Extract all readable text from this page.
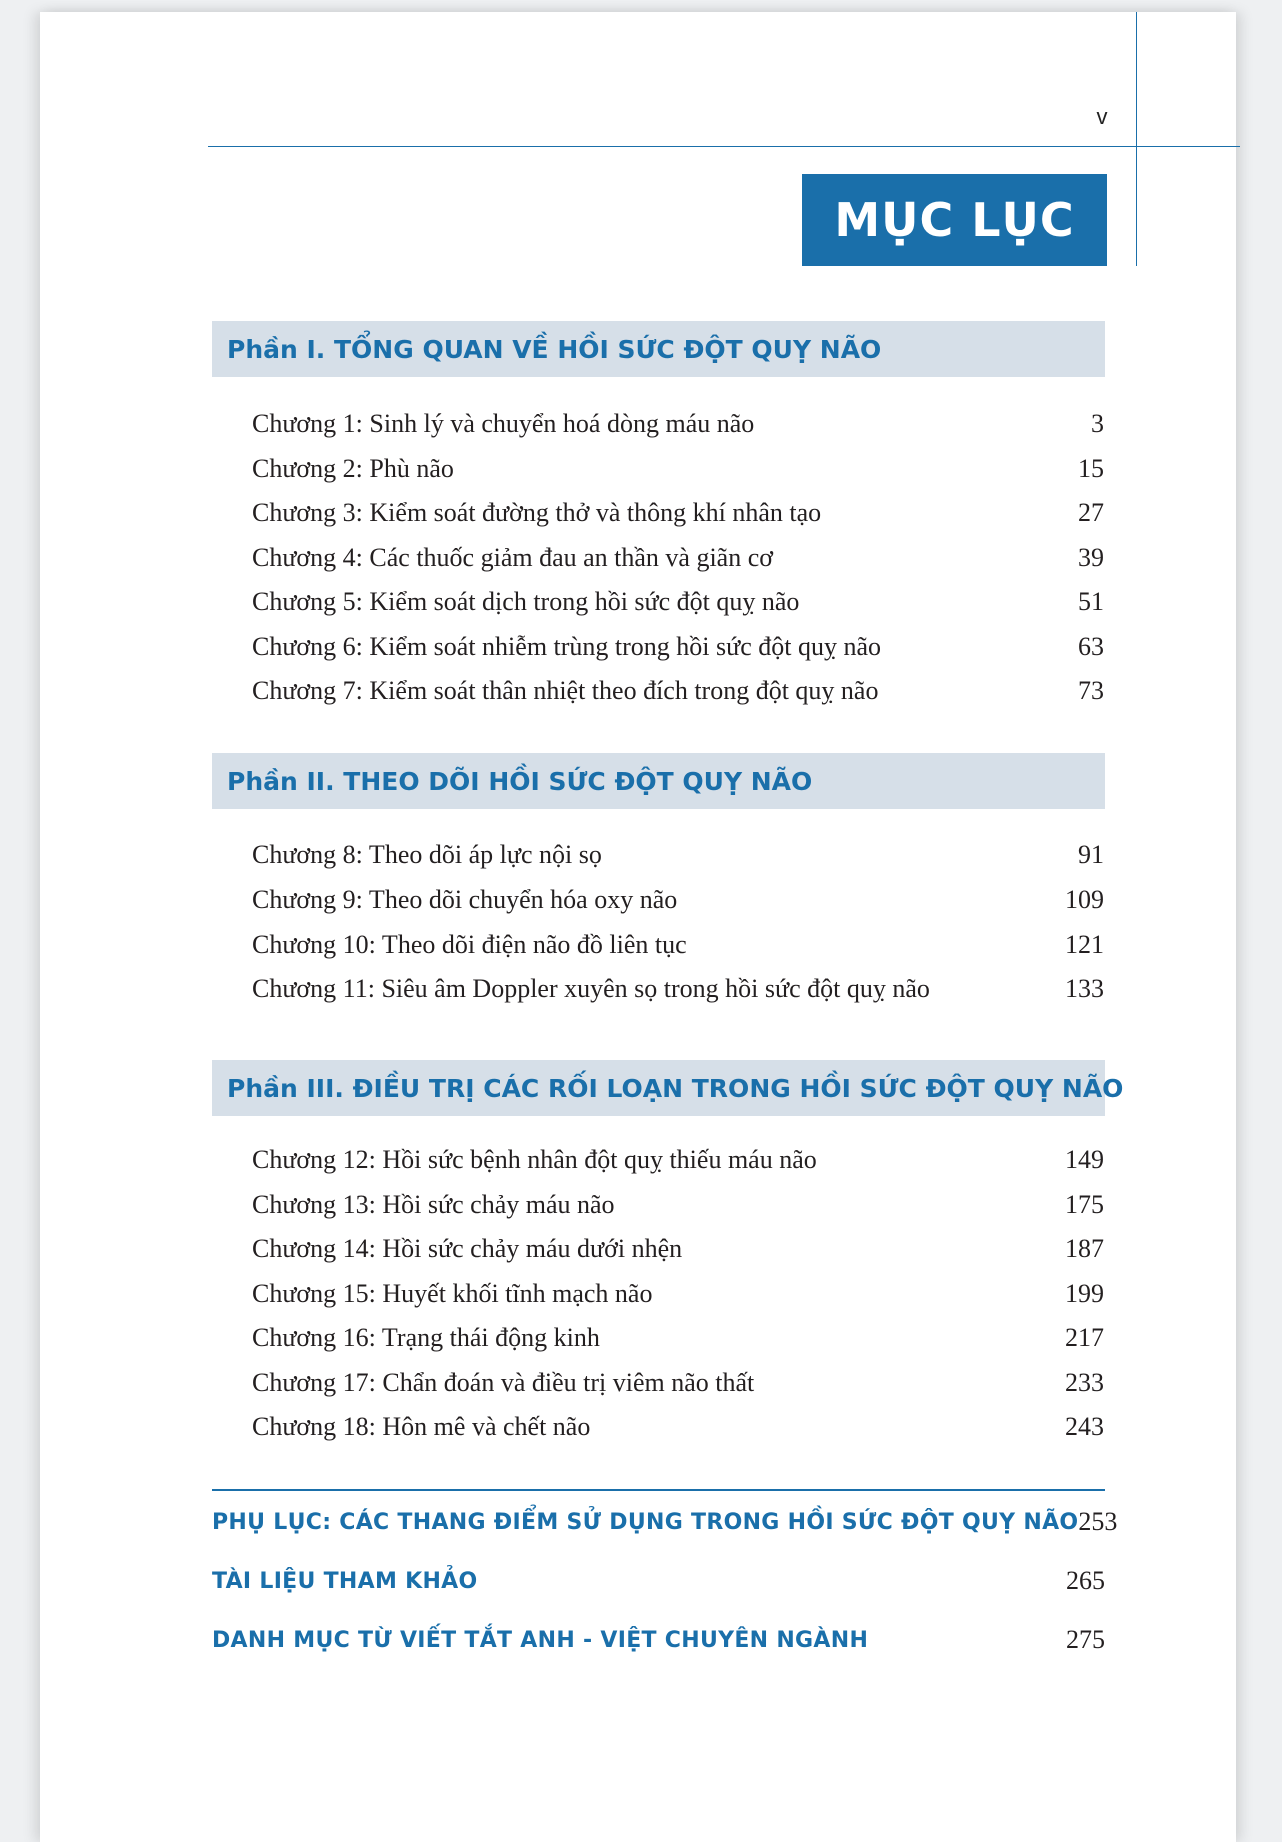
v
MỤC LỤC
Phần I. TỔNG QUAN VỀ HỒI SỨC ĐỘT QUỴ NÃO
Chương 1: Sinh lý và chuyển hoá dòng máu não	3
Chương 2: Phù não	15
Chương 3: Kiểm soát đường thở và thông khí nhân tạo	27
Chương 4: Các thuốc giảm đau an thần và giãn cơ	39
Chương 5: Kiểm soát dịch trong hồi sức đột quỵ não	51
Chương 6: Kiểm soát nhiễm trùng trong hồi sức đột quỵ não	63
Chương 7: Kiểm soát thân nhiệt theo đích trong đột quỵ não	73
Phần II. THEO DÕI HỒI SỨC ĐỘT QUỴ NÃO
Chương 8: Theo dõi áp lực nội sọ	91
Chương 9: Theo dõi chuyển hóa oxy não	109
Chương 10: Theo dõi điện não đồ liên tục	121
Chương 11: Siêu âm Doppler xuyên sọ trong hồi sức đột quỵ não	133
Phần III. ĐIỀU TRỊ CÁC RỐI LOẠN TRONG HỒI SỨC ĐỘT QUỴ NÃO
Chương 12: Hồi sức bệnh nhân đột quỵ thiếu máu não	149
Chương 13: Hồi sức chảy máu não	175
Chương 14: Hồi sức chảy máu dưới nhện	187
Chương 15: Huyết khối tĩnh mạch não	199
Chương 16: Trạng thái động kinh	217
Chương 17: Chẩn đoán và điều trị viêm não thất	233
Chương 18: Hôn mê và chết não	243
PHỤ LỤC: CÁC THANG ĐIỂM SỬ DỤNG TRONG HỒI SỨC ĐỘT QUỴ NÃO 253
TÀI LIỆU THAM KHẢO	265
DANH MỤC TỪ VIẾT TẮT ANH - VIỆT CHUYÊN NGÀNH	275
